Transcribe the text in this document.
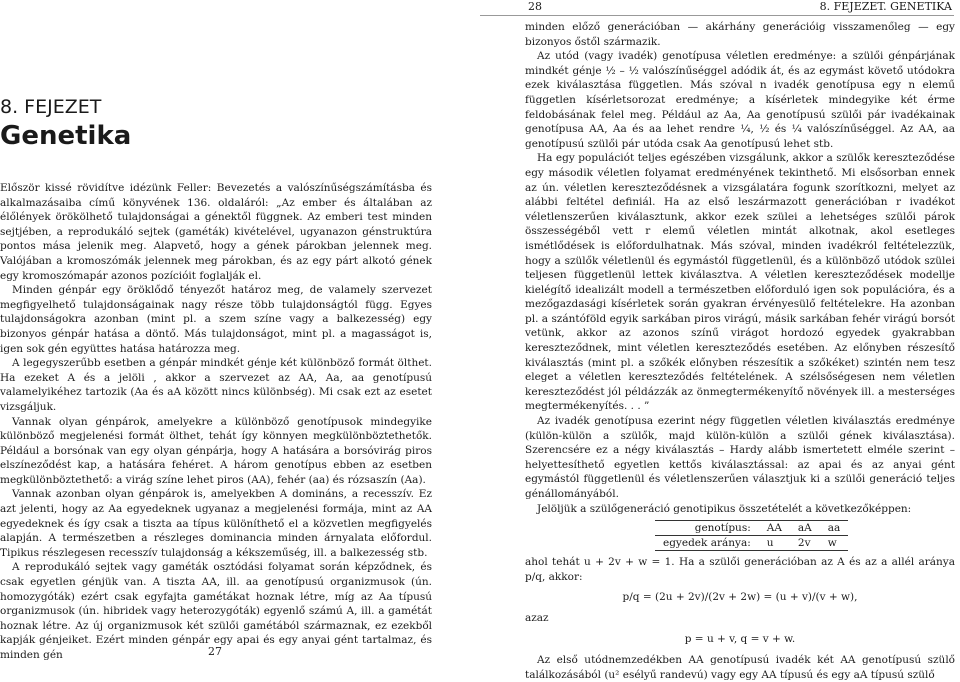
28	8. FEJEZET. GENETIKA
8. FEJEZET
Genetika

Először kissé rövidítve idézünk Feller: Bevezetés a valószínűségszámításba és alkalmazásaiba című könyvének 136. oldaláról: „Az ember és általában az élőlények örökölhető tulajdonságai a génektől függnek. Az emberi test minden sejtjében, a reprodukáló sejtek (gaméták) kivételével, ugyanazon génstruktúra pontos mása jelenik meg. Alapvető, hogy a gének párokban jelennek meg. Valójában a kromoszómák jelennek meg párokban, és az egy párt alkotó gének egy kromoszómapár azonos pozícióit foglalják el.

Minden génpár egy öröklődő tényezőt határoz meg, de valamely szervezet megfigyelhető tulajdonságainak nagy része több tulajdonságtól függ. Egyes tulajdonságokra azonban (mint pl. a szem színe vagy a balkezesség) egy bizonyos génpár hatása a döntő. Más tulajdonságot, mint pl. a magasságot is, igen sok gén együttes hatása határozza meg.

A legegyszerűbb esetben a génpár mindkét génje két különböző formát ölthet. Ha ezeket A és a jelöli , akkor a szervezet az AA, Aa, aa genotípusú valamelyikéhez tartozik (Aa és aA között nincs különbség). Mi csak ezt az esetet vizsgáljuk.

Vannak olyan génpárok, amelyekre a különböző genotípusok mindegyike különböző megjelenési formát ölthet, tehát így könnyen megkülönböztethetők. Például a borsónak van egy olyan génpárja, hogy A hatására a borsóvirág piros elszíneződést kap, a hatására fehéret. A három genotípus ebben az esetben megkülönböztethető: a virág színe lehet piros (AA), fehér (aa) és rózsaszín (Aa).

Vannak azonban olyan génpárok is, amelyekben A domináns, a recesszív. Ez azt jelenti, hogy az Aa egyedeknek ugyanaz a megjelenési formája, mint az AA egyedeknek és így csak a tiszta aa típus különíthető el a közvetlen megfigyelés alapján. A természetben a részleges dominancia minden árnyalata előfordul. Tipikus részlegesen recesszív tulajdonság a kékszeműség, ill. a balkezesség stb.

A reprodukáló sejtek vagy gaméták osztódási folyamat során képződnek, és csak egyetlen génjük van. A tiszta AA, ill. aa genotípusú organizmusok (ún. homozygóták) ezért csak egyfajta gamétákat hoznak létre, míg az Aa típusú organizmusok (ún. hibridek vagy heterozygóták) egyenlő számú A, ill. a gamétát hoznak létre. Az új organizmusok két szülői gamétából származnak, ez ezekből kapják génjeiket. Ezért minden génpár egy apai és egy anyai gént tartalmaz, és minden gén

minden előző generációban — akárhány generációig visszamenőleg — egy bizonyos őstől származik.

Az utód (vagy ivadék) genotípusa véletlen eredménye: a szülői génpárjának mindkét génje ½ – ½ valószínűséggel adódik át, és az egymást követő utódokra ezek kiválasztása független. Más szóval n ivadék genotípusa egy n elemű független kísérletsorozat eredménye; a kísérletek mindegyike két érme feldobásának felel meg. Például az Aa, Aa genotípusú szülői pár ivadékainak genotípusa AA, Aa és aa lehet rendre ¼, ½ és ¼ valószínűséggel. Az AA, aa genotípusú szülői pár utóda csak Aa genotípusú lehet stb.

Ha egy populációt teljes egészében vizsgálunk, akkor a szülők kereszteződése egy második véletlen folyamat eredményének tekinthető. Mi elsősorban ennek az ún. véletlen kereszteződésnek a vizsgálatára fogunk szorítkozni, melyet az alábbi feltétel definiál. Ha az első leszármazott generációban r ivadékot véletlenszerűen kiválasztunk, akkor ezek szülei a lehetséges szülői párok összességéből vett r elemű véletlen mintát alkotnak, akol esetleges ismétlődések is előfordulhatnak. Más szóval, minden ivadékról feltételezzük, hogy a szülők véletlenül és egymástól függetlenül, és a különböző utódok szülei teljesen függetlenül lettek kiválasztva. A véletlen kereszteződések modellje kielégítő idealizált modell a természetben előforduló igen sok populációra, és a mezőgazdasági kísérletek során gyakran érvényesülő feltételekre. Ha azonban pl. a szántóföld egyik sarkában piros virágú, másik sarkában fehér virágú borsót vetünk, akkor az azonos színű virágot hordozó egyedek gyakrabban kereszteződnek, mint véletlen kereszteződés esetében. Az előnyben részesítő kiválasztás (mint pl. a szőkék előnyben részesítik a szőkéket) szintén nem tesz eleget a véletlen kereszteződés feltételének. A szélsőségesen nem véletlen kereszteződést jól példázzák az önmegtermékenyítő növények ill. a mesterséges megtermékenyítés. . . ”

Az ivadék genotípusa ezerint négy független véletlen kiválasztás eredménye (külön-külön a szülők, majd külön-külön a szülői gének kiválasztása). Szerencsére ez a négy kiválasztás – Hardy alább ismertetett elméle szerint – helyettesíthető egyetlen kettős kiválasztással: az apai és az anyai gént egymástól függetlenül és véletlenszerűen választjuk ki a szülői generáció teljes génállományából.

Jelöljük a szülőgeneráció genotipikus összetételét a következőképpen:

genotípus:	AA	aA	aa
egyedek aránya:	u	2v	w

ahol tehát u + 2v + w = 1. Ha a szülői generációban az A és az a allél aránya p/q, akkor:

p/q = (2u + 2v)/(2v + 2w) = (u + v)/(v + w),

azaz

p = u + v, q = v + w.

Az első utódnemzedékben AA genotípusú ivadék két AA genotípusú szülő találkozásából (u² esélyű randevú) vagy egy AA típusú és egy aA típusú szülő

27
